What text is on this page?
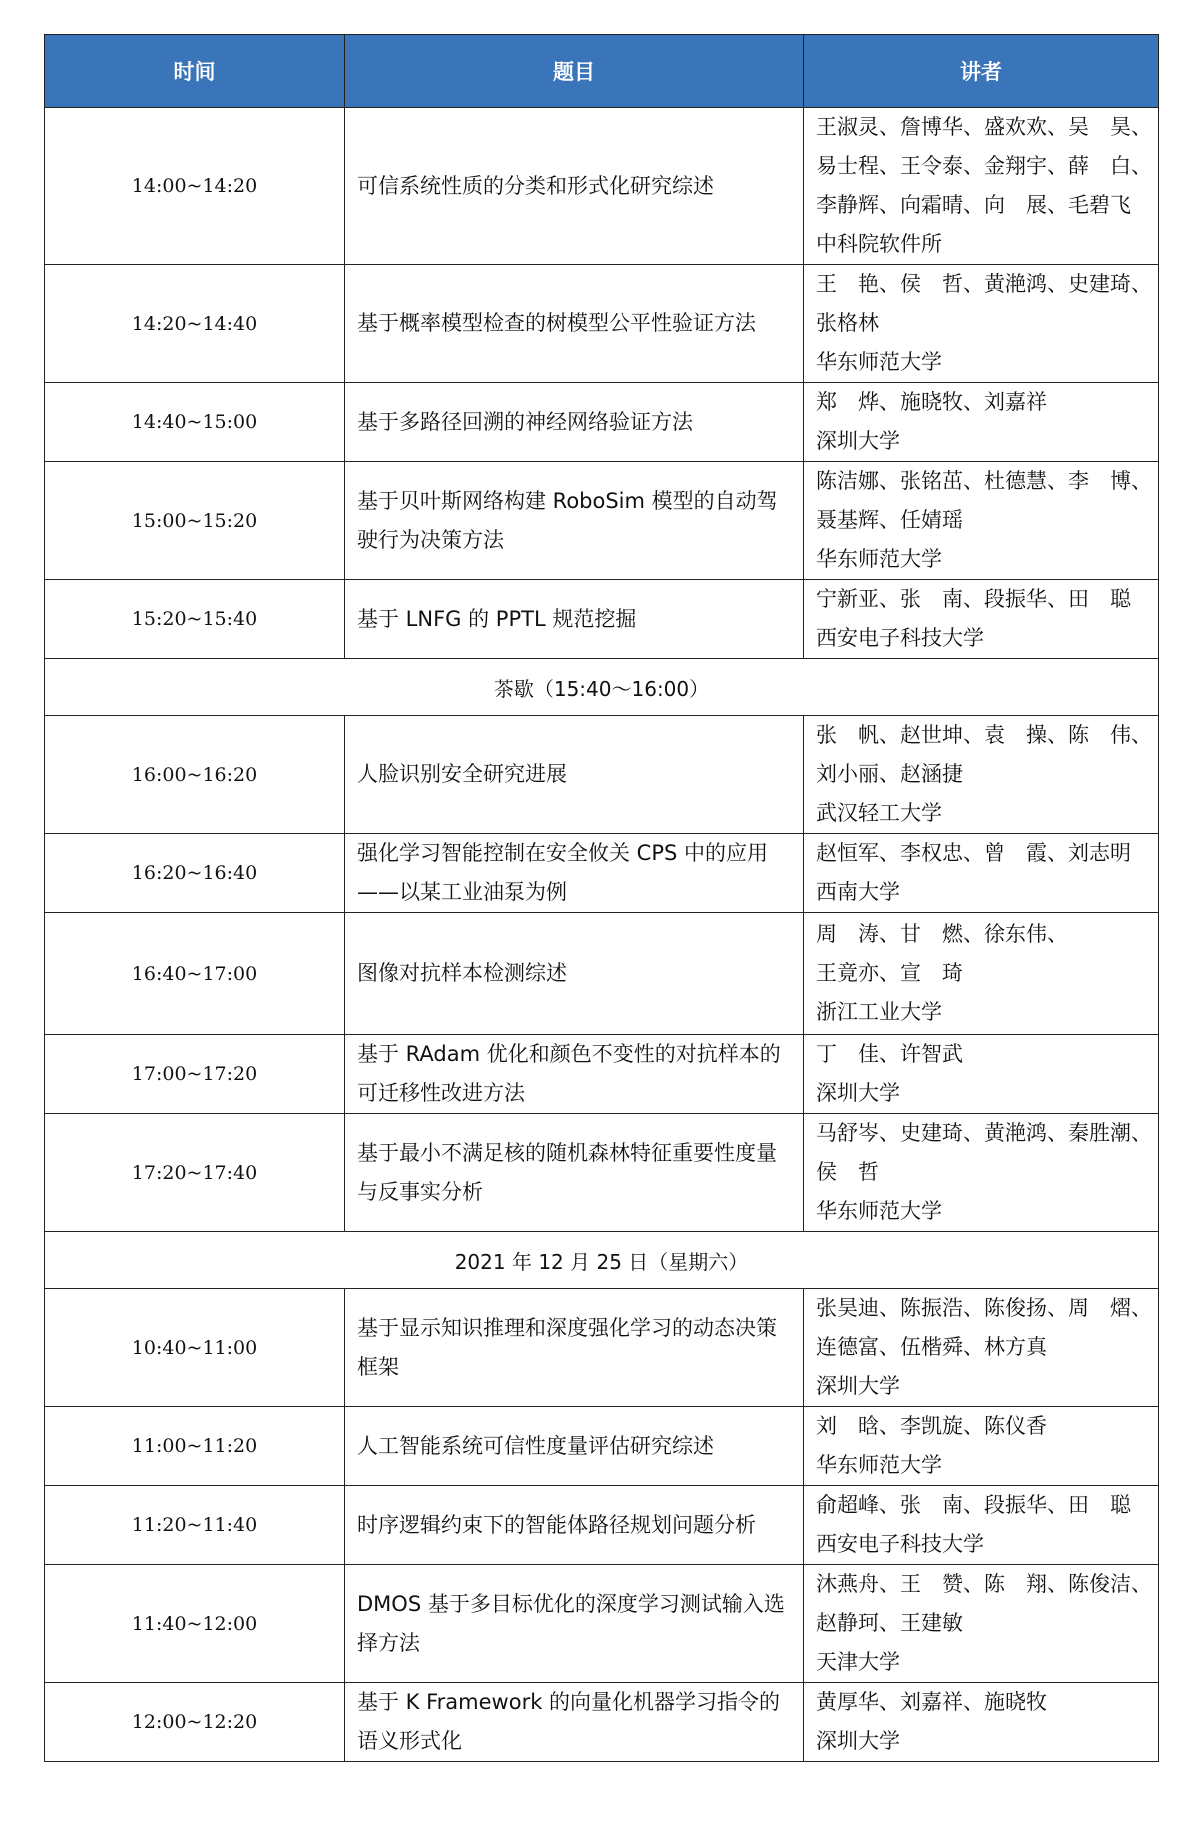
时间	题目	讲者
14:00~14:20	可信系统性质的分类和形式化研究综述	王淑灵、詹博华、盛欢欢、吴　昊、
易士程、王令泰、金翔宇、薛　白、
李静辉、向霜晴、向　展、毛碧飞
中科院软件所

14:20~14:40	基于概率模型检查的树模型公平性验证方法	王　艳、侯　哲、黄滟鸿、史建琦、
张格林
华东师范大学

14:40~15:00	基于多路径回溯的神经网络验证方法	郑　烨、施晓牧、刘嘉祥
深圳大学

15:00~15:20	基于贝叶斯网络构建 RoboSim 模型的自动驾驶行为决策方法	陈洁娜、张铭茁、杜德慧、李　博、
聂基辉、任婧瑶
华东师范大学

15:20~15:40	基于 LNFG 的 PPTL 规范挖掘	宁新亚、张　南、段振华、田　聪
西安电子科技大学

茶歇（15:40～16:00）		
16:00~16:20	人脸识别安全研究进展	张　帆、赵世坤、袁　操、陈　伟、
刘小丽、赵涵捷
武汉轻工大学

16:20~16:40	强化学习智能控制在安全攸关 CPS 中的应用——以某工业油泵为例	赵恒军、李权忠、曾　霞、刘志明
西南大学

16:40~17:00	图像对抗样本检测综述	周　涛、甘　燃、徐东伟、
王竟亦、宣　琦
浙江工业大学

17:00~17:20	基于 RAdam 优化和颜色不变性的对抗样本的可迁移性改进方法	丁　佳、许智武
深圳大学

17:20~17:40	基于最小不满足核的随机森林特征重要性度量与反事实分析	马舒岑、史建琦、黄滟鸿、秦胜潮、
侯　哲
华东师范大学

2021 年 12 月 25 日（星期六）		
10:40~11:00	基于显示知识推理和深度强化学习的动态决策框架	张昊迪、陈振浩、陈俊扬、周　熠、
连德富、伍楷舜、林方真
深圳大学

11:00~11:20	人工智能系统可信性度量评估研究综述	刘　晗、李凯旋、陈仪香
华东师范大学

11:20~11:40	时序逻辑约束下的智能体路径规划问题分析	俞超峰、张　南、段振华、田　聪
西安电子科技大学

11:40~12:00	DMOS 基于多目标优化的深度学习测试输入选择方法	沐燕舟、王　赞、陈　翔、陈俊洁、
赵静珂、王建敏
天津大学

12:00~12:20	基于 K Framework 的向量化机器学习指令的语义形式化	黄厚华、刘嘉祥、施晓牧
深圳大学
